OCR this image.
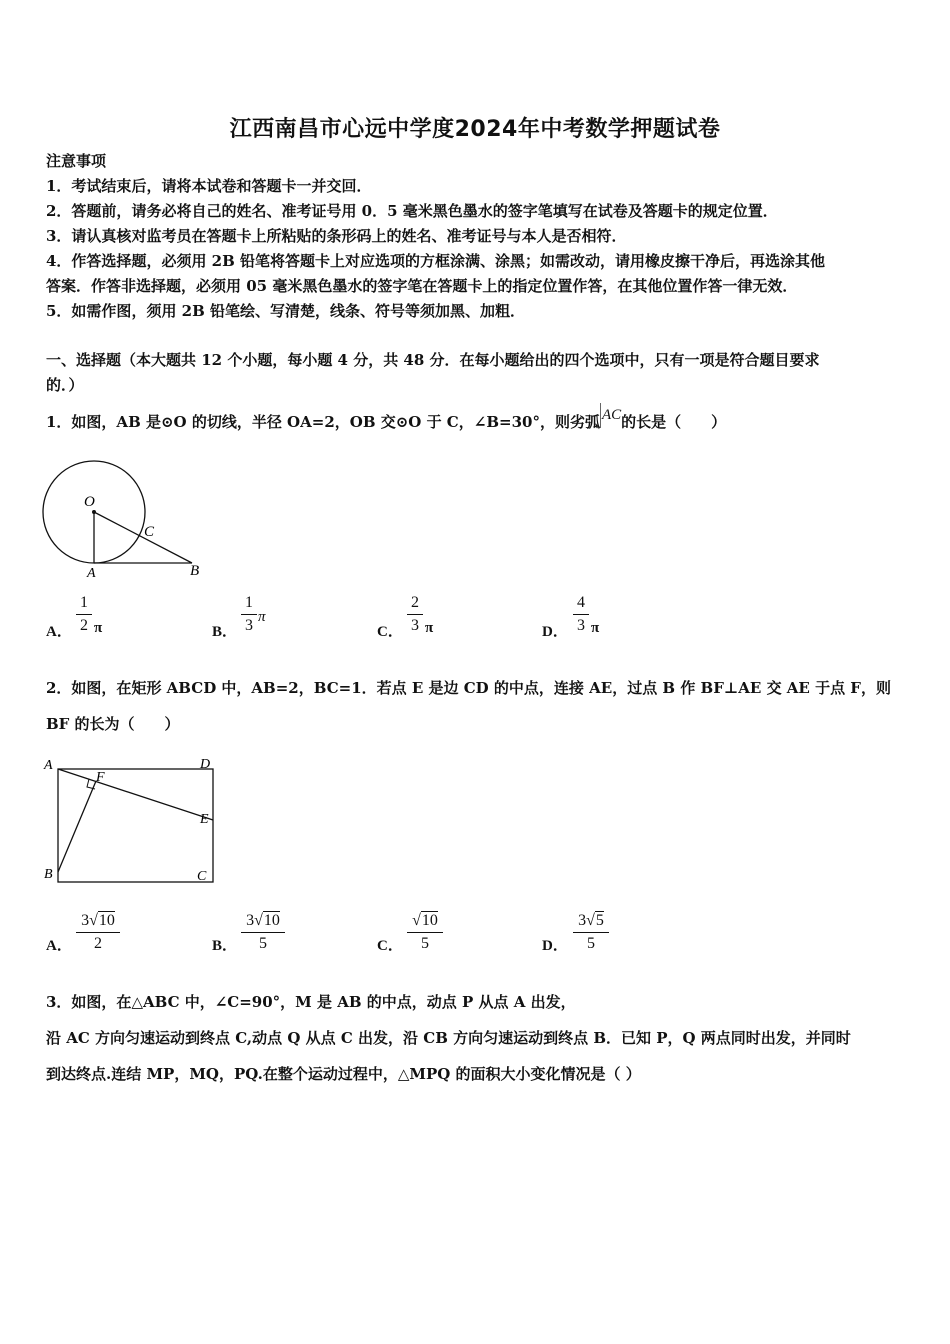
江西南昌市心远中学度2024年中考数学押题试卷
注意事项
1．考试结束后，请将本试卷和答题卡一并交回．
2．答题前，请务必将自己的姓名、准考证号用 0．5 毫米黑色墨水的签字笔填写在试卷及答题卡的规定位置．
3．请认真核对监考员在答题卡上所粘贴的条形码上的姓名、准考证号与本人是否相符．
4．作答选择题，必须用 2B 铅笔将答题卡上对应选项的方框涂满、涂黑；如需改动，请用橡皮擦干净后，再选涂其他
答案．作答非选择题，必须用 05 毫米黑色墨水的签字笔在答题卡上的指定位置作答，在其他位置作答一律无效．
5．如需作图，须用 2B 铅笔绘、写清楚，线条、符号等须加黑、加粗．
一、选择题（本大题共 12 个小题，每小题 4 分，共 48 分．在每小题给出的四个选项中，只有一项是符合题目要求
的．）
1．如图，AB 是⊙O 的切线，半径 OA=2，OB 交⊙O 于 C，∠B=30°，则劣弧 AC的长是（　　）
O
C
A	B
A．
1
2 π	B．
1
3 π
C．
2
3 π	D．
4
3 π
2．如图，在矩形 ABCD 中，AB=2，BC=1．若点 E 是边 CD 的中点，连接 AE，过点 B 作 BF⊥AE 交 AE 于点 F，则
BF 的长为（　　）
A	D
F
E
B	C
A．
3√10
2	B．
3√10
5	C．
√10
5	D．
3√5
5
3．如图，在△ABC 中，∠C=90°，M 是 AB 的中点，动点 P 从点 A 出发，
沿 AC 方向匀速运动到终点 C,动点 Q 从点 C 出发，沿 CB 方向匀速运动到终点 B．已知 P，Q 两点同时出发，并同时
到达终点.连结 MP，MQ，PQ.在整个运动过程中，△MPQ 的面积大小变化情况是（ ）
